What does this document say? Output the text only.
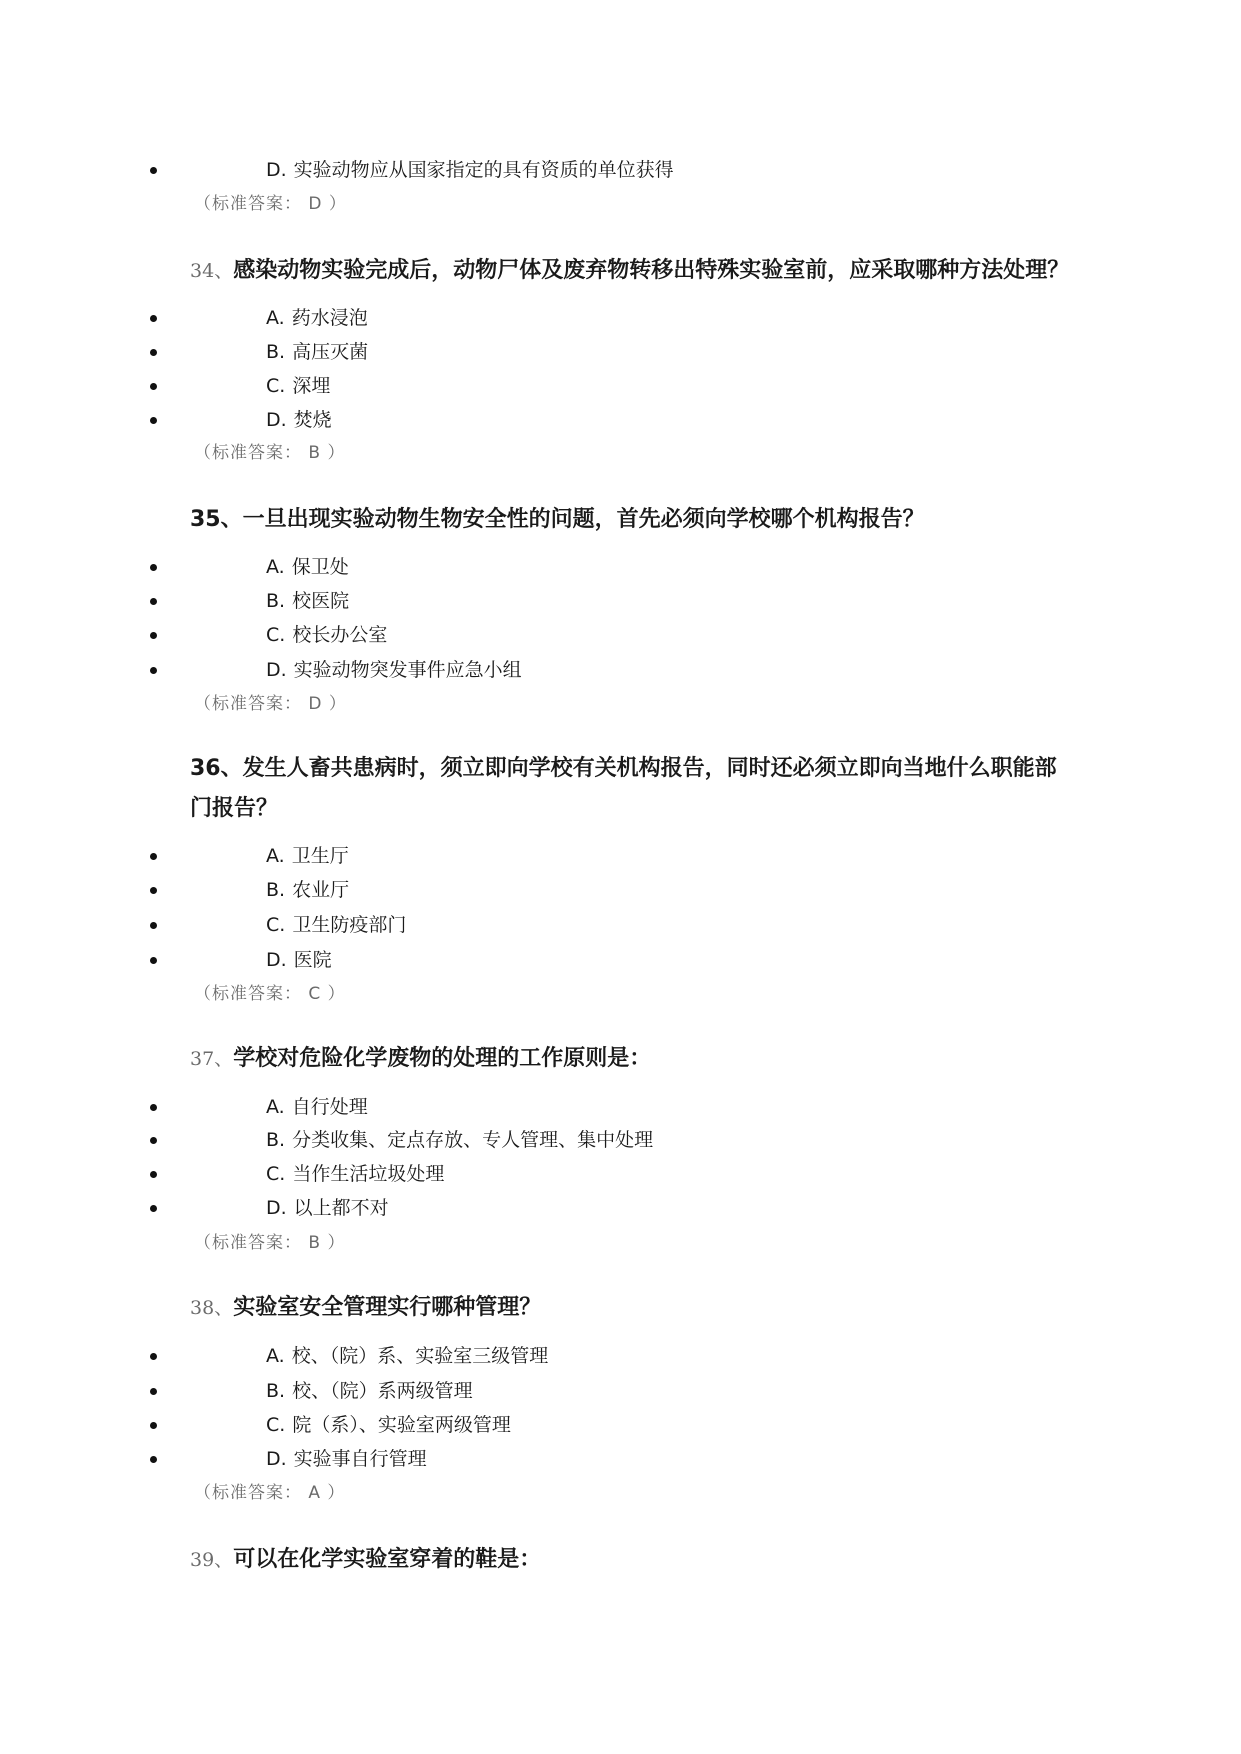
D. 实验动物应从国家指定的具有资质的单位获得
（标准答案： D ）
34、感染动物实验完成后，动物尸体及废弃物转移出特殊实验室前，应采取哪种方法处理？
A. 药水浸泡
B. 高压灭菌
C. 深埋
D. 焚烧
（标准答案： B ）
35、一旦出现实验动物生物安全性的问题，首先必须向学校哪个机构报告？
A. 保卫处
B. 校医院
C. 校长办公室
D. 实验动物突发事件应急小组
（标准答案： D ）
36、发生人畜共患病时，须立即向学校有关机构报告，同时还必须立即向当地什么职能部
门报告？
A. 卫生厅
B. 农业厅
C. 卫生防疫部门
D. 医院
（标准答案： C ）
37、学校对危险化学废物的处理的工作原则是：
A. 自行处理
B. 分类收集、定点存放、专人管理、集中处理
C. 当作生活垃圾处理
D. 以上都不对
（标准答案： B ）
38、实验室安全管理实行哪种管理？
A. 校、（院）系、实验室三级管理
B. 校、（院）系两级管理
C. 院（系）、实验室两级管理
D. 实验事自行管理
（标准答案： A ）
39、可以在化学实验室穿着的鞋是：
